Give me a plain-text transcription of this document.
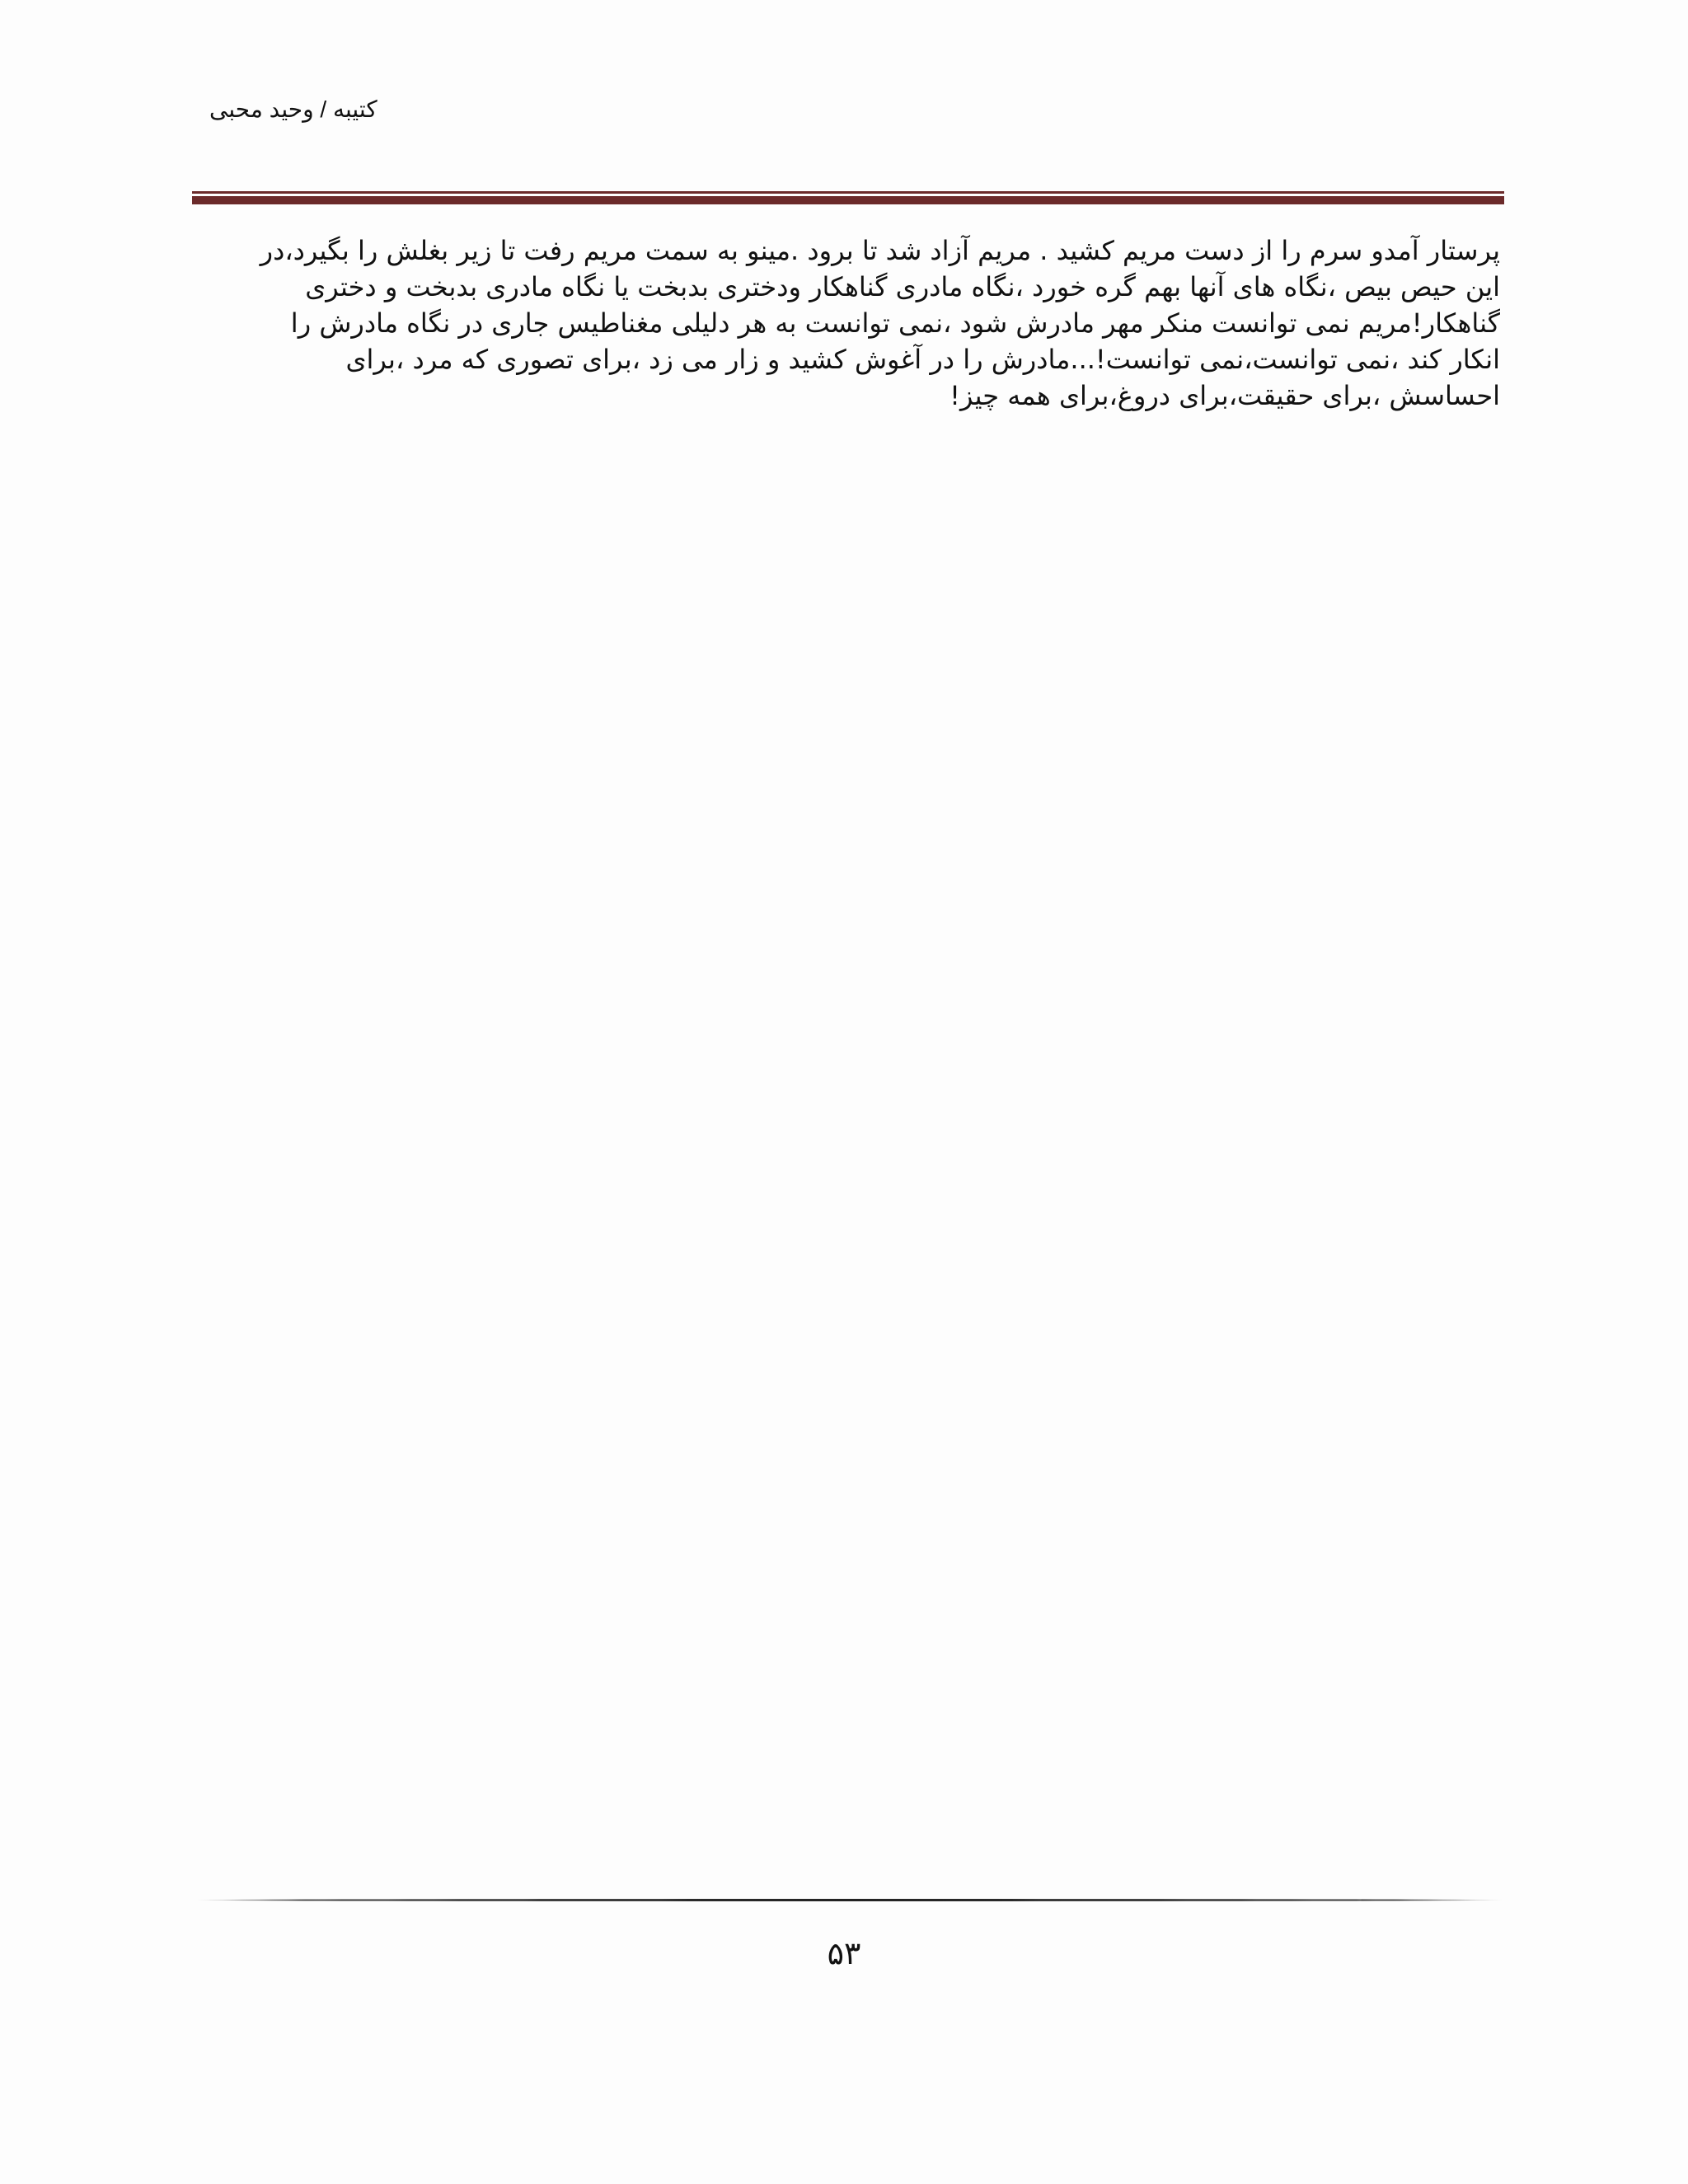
کتیبه / وحید محبی
پرستار آمدو سرم را از دست مریم کشید . مریم آزاد شد تا برود .مینو به سمت مریم رفت تا زیر بغلش را بگیرد،در
این حیص بیص ،نگاه های آنها بهم گره خورد ،نگاه مادری گناهکار ودختری بدبخت یا نگاه مادری بدبخت و دختری
گناهکار!مریم نمی توانست منکر مهر مادرش شود ،نمی توانست به هر دلیلی مغناطیس جاری در نگاه مادرش را
انکار کند ،نمی توانست،نمی توانست!...مادرش را در آغوش کشید و زار می زد ،برای تصوری که مرد ،برای
احساسش ،برای حقیقت،برای دروغ،برای همه چیز!
۵۳
